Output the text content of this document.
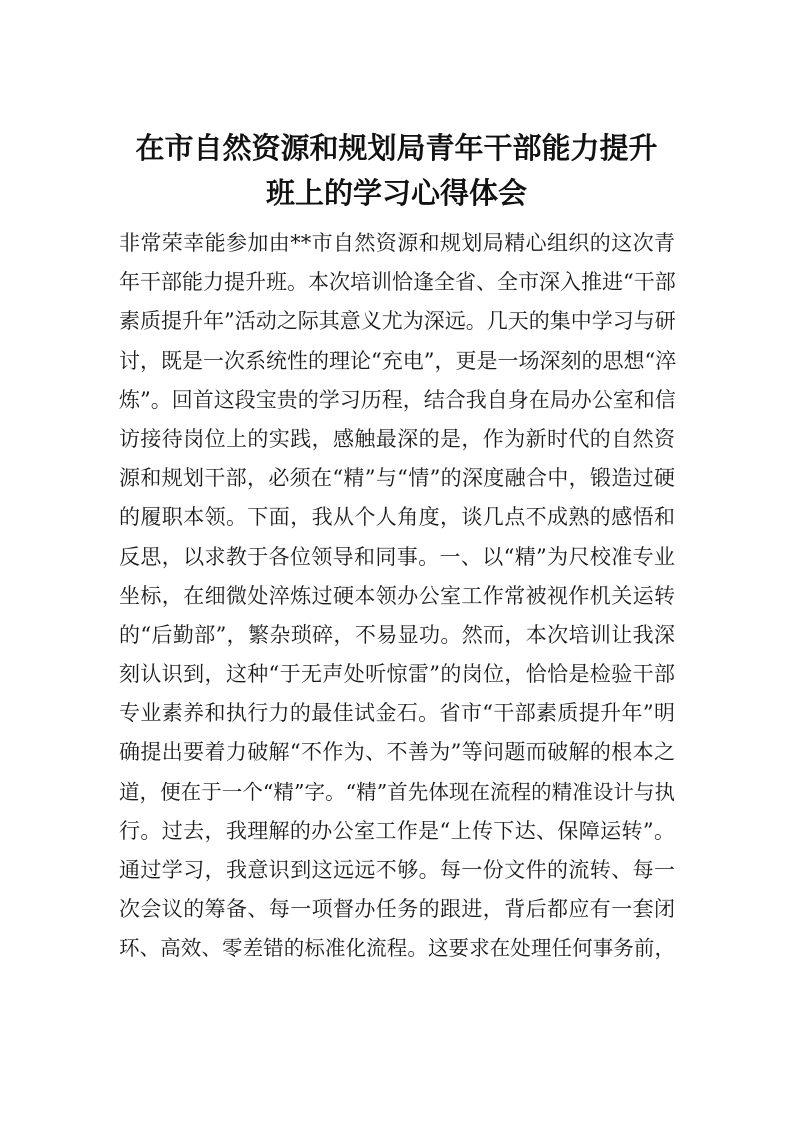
在市自然资源和规划局青年干部能力提升
班上的学习心得体会
非常荣幸能参加由**市自然资源和规划局精心组织的这次青
年干部能力提升班。本次培训恰逢全省、全市深入推进“干部
素质提升年”活动之际其意义尤为深远。几天的集中学习与研
讨，既是一次系统性的理论“充电”，更是一场深刻的思想“淬
炼”。回首这段宝贵的学习历程，结合我自身在局办公室和信
访接待岗位上的实践，感触最深的是，作为新时代的自然资
源和规划干部，必须在“精”与“情”的深度融合中，锻造过硬
的履职本领。下面，我从个人角度，谈几点不成熟的感悟和
反思，以求教于各位领导和同事。一、以“精”为尺校准专业
坐标，在细微处淬炼过硬本领办公室工作常被视作机关运转
的“后勤部”，繁杂琐碎，不易显功。然而，本次培训让我深
刻认识到，这种“于无声处听惊雷”的岗位，恰恰是检验干部
专业素养和执行力的最佳试金石。省市“干部素质提升年”明
确提出要着力破解“不作为、不善为”等问题而破解的根本之
道，便在于一个“精”字。“精”首先体现在流程的精准设计与执
行。过去，我理解的办公室工作是“上传下达、保障运转”。
通过学习，我意识到这远远不够。每一份文件的流转、每一
次会议的筹备、每一项督办任务的跟进，背后都应有一套闭
环、高效、零差错的标准化流程。这要求在处理任何事务前，
